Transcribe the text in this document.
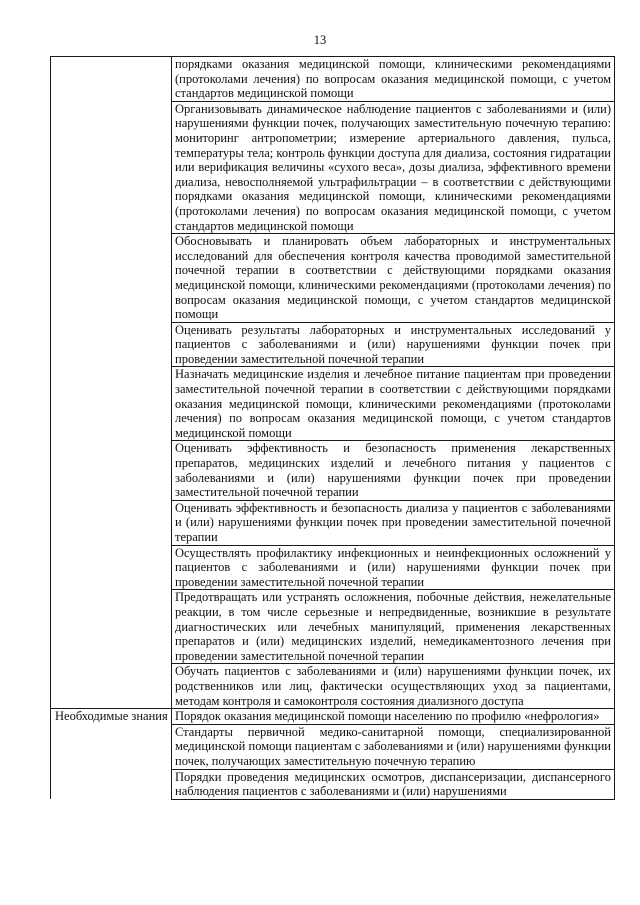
13
	порядками оказания медицинской помощи, клиническими рекомендациями (протоколами лечения) по вопросам оказания медицинской помощи, с учетом стандартов медицинской помощи
	Организовывать динамическое наблюдение пациентов с заболеваниями и (или) нарушениями функции почек, получающих заместительную почечную терапию: мониторинг антропометрии; измерение артериального давления, пульса, температуры тела; контроль функции доступа для диализа, состояния гидратации или верификация величины «сухого веса», дозы диализа, эффективного времени диализа, невосполняемой ультрафильтрации – в соответствии с действующими порядками оказания медицинской помощи, клиническими рекомендациями (протоколами лечения) по вопросам оказания медицинской помощи, с учетом стандартов медицинской помощи
	Обосновывать и планировать объем лабораторных и инструментальных исследований для обеспечения контроля качества проводимой заместительной почечной терапии в соответствии с действующими порядками оказания медицинской помощи, клиническими рекомендациями (протоколами лечения) по вопросам оказания медицинской помощи, с учетом стандартов медицинской помощи
	Оценивать результаты лабораторных и инструментальных исследований у пациентов с заболеваниями и (или) нарушениями функции почек при проведении заместительной почечной терапии
	Назначать медицинские изделия и лечебное питание пациентам при проведении заместительной почечной терапии в соответствии с действующими порядками оказания медицинской помощи, клиническими рекомендациями (протоколами лечения) по вопросам оказания медицинской помощи, с учетом стандартов медицинской помощи
	Оценивать эффективность и безопасность применения лекарственных препаратов, медицинских изделий и лечебного питания у пациентов с заболеваниями и (или) нарушениями функции почек при проведении заместительной почечной терапии
	Оценивать эффективность и безопасность диализа у пациентов с заболеваниями и (или) нарушениями функции почек при проведении заместительной почечной терапии
	Осуществлять профилактику инфекционных и неинфекционных осложнений у пациентов с заболеваниями и (или) нарушениями функции почек при проведении заместительной почечной терапии
	Предотвращать или устранять осложнения, побочные действия, нежелательные реакции, в том числе серьезные и непредвиденные, возникшие в результате диагностических или лечебных манипуляций, применения лекарственных препаратов и (или) медицинских изделий, немедикаментозного лечения при проведении заместительной почечной терапии
	Обучать пациентов с заболеваниями и (или) нарушениями функции почек, их родственников или лиц, фактически осуществляющих уход за пациентами, методам контроля и самоконтроля состояния диализного доступа
Необходимые знания	Порядок оказания медицинской помощи населению по профилю «нефрология»
	Стандарты первичной медико-санитарной помощи, специализированной медицинской помощи пациентам с заболеваниями и (или) нарушениями функции почек, получающих заместительную почечную терапию
	Порядки проведения медицинских осмотров, диспансеризации, диспансерного наблюдения пациентов с заболеваниями и (или) нарушениями
